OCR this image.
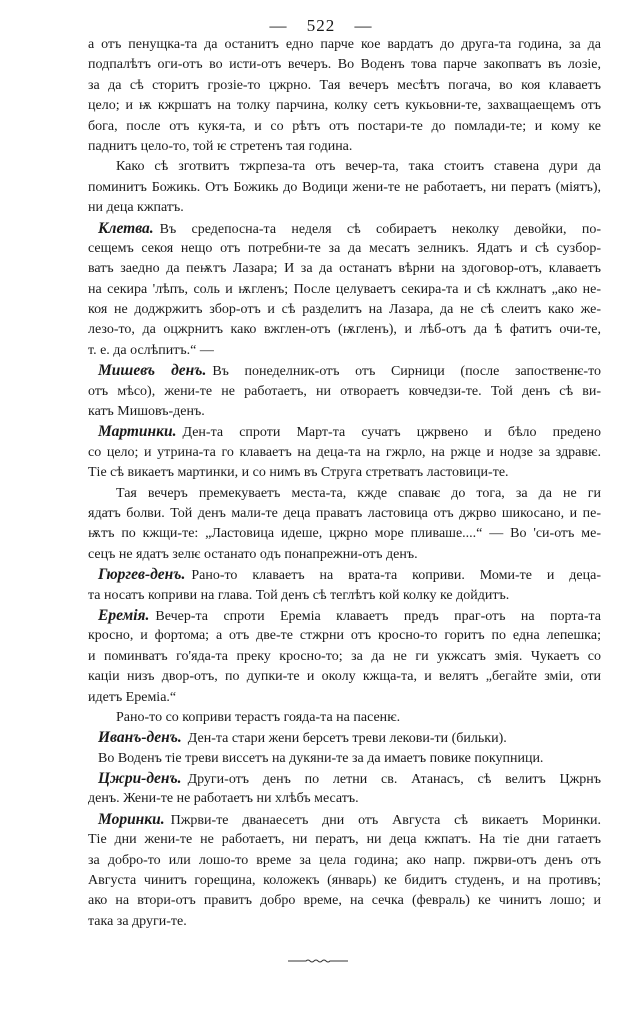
— 522 —
а отъ пенущка-та да останитъ едно парче кое вардатъ до друга-та година, за да
подпалѣтъ оги-отъ во исти-отъ вечеръ. Во Воденъ това парче закопватъ въ лозіе,
за да сѣ сторитъ грозіе-то цжрно. Тая вечеръ месѣтъ погача, во коя клаваетъ
цело; и ѭ кжршатъ на толку парчина, колку сетъ кукьовни-те, захващаещемъ отъ
бога, после отъ кукя-та, и со рѣтъ отъ постари-те до помлади-те; и кому ке
паднитъ цело-то, той ѥ стретенъ тая година.
Како сѣ зготвитъ тжрпеза-та отъ вечер-та, така стоитъ ставена дури да
поминитъ Божикь. Отъ Божикь до Водици жени-те не работаетъ, ни ператъ (міятъ),
ни деца кжпатъ.
Клетва. Въ средепосна-та неделя сѣ собираетъ неколку девойки, по-
сещемъ секоя нещо отъ потребни-те за да месатъ зелникъ. Ядатъ и сѣ сузбор-
ватъ заедно да пеѭтъ Лазара; И за да останатъ вѣрни на здоговор-отъ, клаваетъ
на секира 'лѣпъ, соль и ѭгленъ; После целуваетъ секира-та и сѣ кжлнатъ „ако не-
коя не доджржитъ збор-отъ и сѣ разделитъ на Лазара, да не сѣ слеитъ како же-
лезо-то, да оцжрнитъ како вжглен-отъ (ѭгленъ), и лѣб-отъ да ѣ фатитъ очи-те,
т. е. да ослѣпитъ.“ —
Мишевъ денъ. Въ понеделник-отъ отъ Сирници (после запоственѥ-то
отъ мѣсо), жени-те не работаетъ, ни отвораетъ ковчедзи-те. Той денъ сѣ ви-
катъ Мишовъ-денъ.
Мартинки. Ден-та спроти Март-та сучатъ цжрвено и бѣло предено
со цело; и утрина-та го клаваетъ на деца-та на гжрло, на ржце и нодзе за здравѥ.
Тіе сѣ викаетъ мартинки, и со нимъ въ Струга стретватъ ластовици-те.
Тая вечеръ премекуваетъ места-та, кжде спаваѥ до тога, за да не ги
ядатъ болви. Той денъ мали-те деца праватъ ластовица отъ джрво шикосано, и пе-
ѭтъ по кжщи-те: „Ластовица идеше, цжрно море пливаше....“ — Во 'си-отъ ме-
сецъ не ядатъ зелѥ останато одъ понапрежни-отъ денъ.
Гюргев-денъ. Рано-то клаваетъ на врата-та коприви. Моми-те и деца-
та носатъ коприви на глава. Той денъ сѣ теглѣтъ кой колку ке дойдитъ.
Еремія. Вечер-та спроти Ереміа клаваетъ предъ праг-отъ на порта-та
кросно, и фортома; а отъ две-те стжрни отъ кросно-то горитъ по една лепешка;
и поминватъ го'яда-та преку кросно-то; за да не ги укжсатъ змія. Чукаетъ со
каціи низъ двор-отъ, по дупки-те и околу кжща-та, и велятъ „бегайте зміи, оти
идетъ Ереміа.“
Рано-то со коприви терастъ гояда-та на пасенѥ.
Иванъ-денъ. Ден-та стари жени берсетъ треви лекови-ти (бильки).
Во Воденъ тіе треви виссетъ на дукяни-те за да имаетъ повике покупници.
Цжри-денъ. Други-отъ денъ по летни св. Атанасъ, сѣ велитъ Цжрнъ
денъ. Жени-те не работаетъ ни хлѣбъ месатъ.
Моринки. Пжрви-те дванаесетъ дни отъ Августа сѣ викаетъ Моринки.
Тіе дни жени-те не работаетъ, ни ператъ, ни деца кжпатъ. На тіе дни гатаетъ
за добро-то или лошо-то време за цела година; ако напр. пжрви-отъ денъ отъ
Августа чинитъ горещина, коложекъ (январь) ке бидитъ студенъ, и на противъ;
ако на втори-отъ правитъ добро време, на сечка (февраль) ке чинитъ лошо; и
така за други-те.
